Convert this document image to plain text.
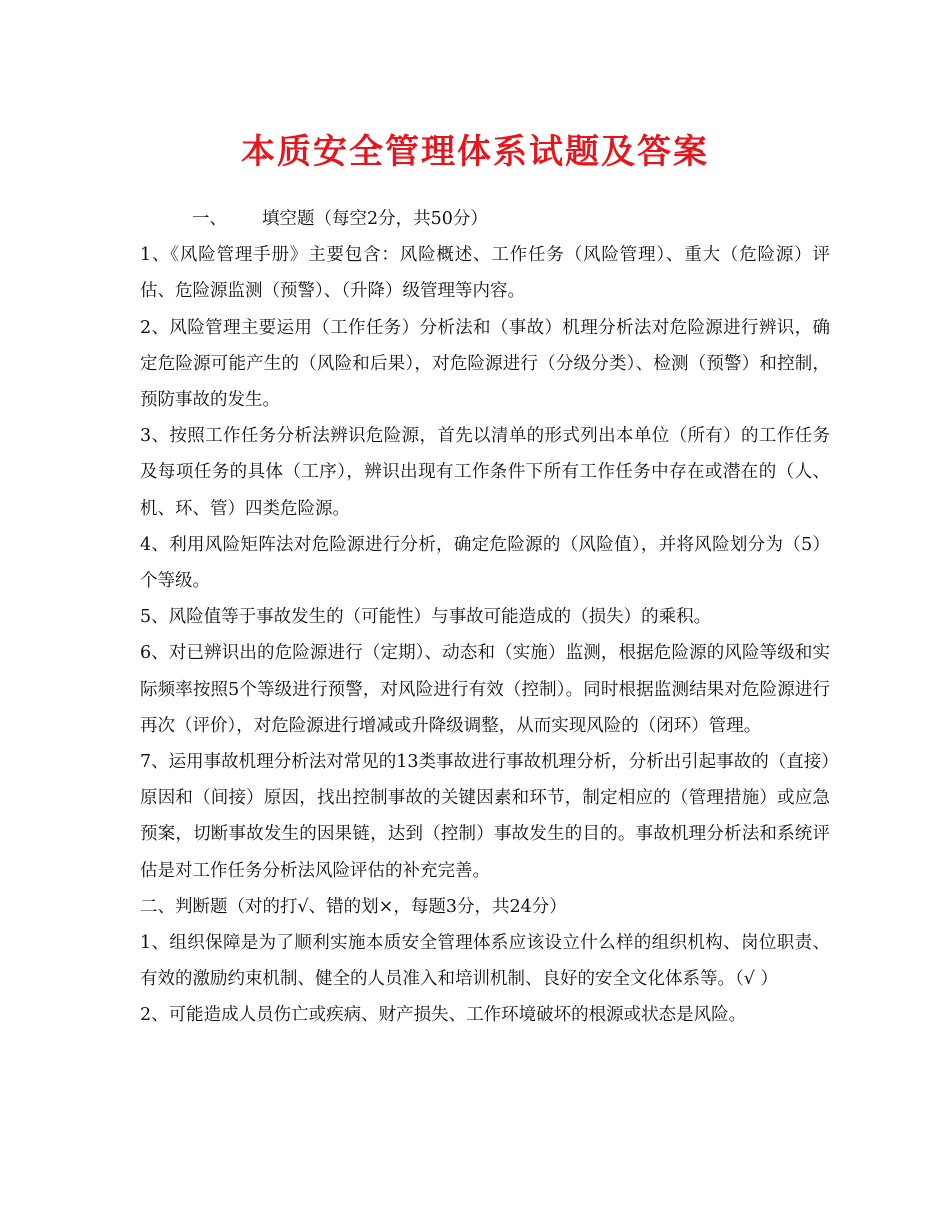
本质安全管理体系试题及答案

一、 填空题（每空2分，共50分）

1、《风险管理手册》主要包含：风险概述、工作任务（风险管理）、重大（危险源）评估、危险源监测（预警）、（升降）级管理等内容。

2、风险管理主要运用（工作任务）分析法和（事故）机理分析法对危险源进行辨识，确定危险源可能产生的（风险和后果），对危险源进行（分级分类）、检测（预警）和控制，预防事故的发生。

3、按照工作任务分析法辨识危险源，首先以清单的形式列出本单位（所有）的工作任务及每项任务的具体（工序），辨识出现有工作条件下所有工作任务中存在或潜在的（人、机、环、管）四类危险源。

4、利用风险矩阵法对危险源进行分析，确定危险源的（风险值），并将风险划分为（5）个等级。

5、风险值等于事故发生的（可能性）与事故可能造成的（损失）的乘积。

6、对已辨识出的危险源进行（定期）、动态和（实施）监测，根据危险源的风险等级和实际频率按照5个等级进行预警，对风险进行有效（控制）。同时根据监测结果对危险源进行再次（评价），对危险源进行增减或升降级调整，从而实现风险的（闭环）管理。

7、运用事故机理分析法对常见的13类事故进行事故机理分析，分析出引起事故的（直接）原因和（间接）原因，找出控制事故的关键因素和环节，制定相应的（管理措施）或应急预案，切断事故发生的因果链，达到（控制）事故发生的目的。事故机理分析法和系统评估是对工作任务分析法风险评估的补充完善。

二、判断题（对的打√、错的划×，每题3分，共24分）

1、组织保障是为了顺利实施本质安全管理体系应该设立什么样的组织机构、岗位职责、有效的激励约束机制、健全的人员准入和培训机制、良好的安全文化体系等。（√ ）

2、可能造成人员伤亡或疾病、财产损失、工作环境破坏的根源或状态是风险。
